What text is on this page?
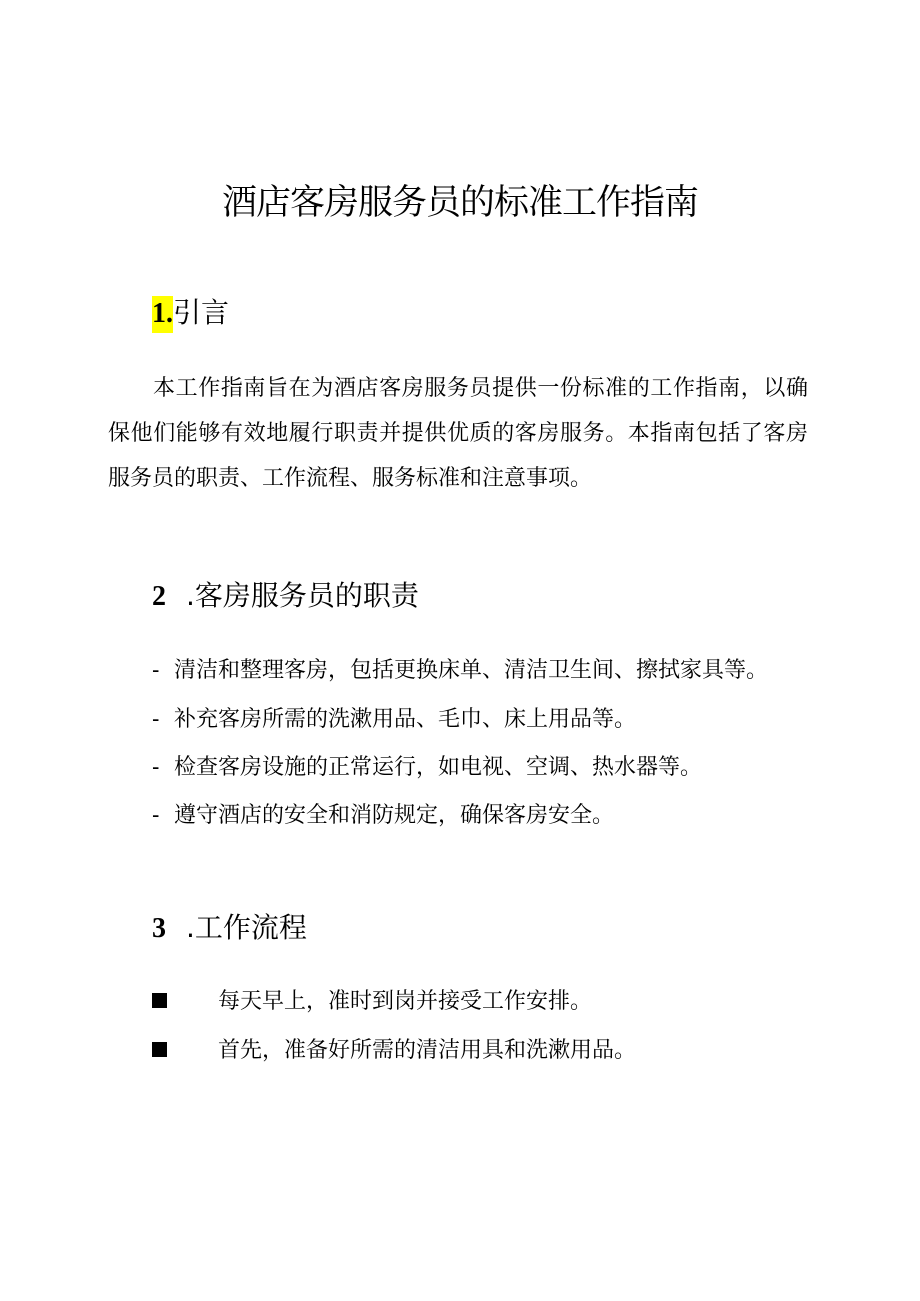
酒店客房服务员的标准工作指南
1.引言

本工作指南旨在为酒店客房服务员提供一份标准的工作指南，以确保他们能够有效地履行职责并提供优质的客房服务。本指南包括了客房服务员的职责、工作流程、服务标准和注意事项。

2 .客房服务员的职责
- 清洁和整理客房，包括更换床单、清洁卫生间、擦拭家具等。
- 补充客房所需的洗漱用品、毛巾、床上用品等。
- 检查客房设施的正常运行，如电视、空调、热水器等。
- 遵守酒店的安全和消防规定，确保客房安全。
3 .工作流程
每天早上，准时到岗并接受工作安排。
首先，准备好所需的清洁用具和洗漱用品。
